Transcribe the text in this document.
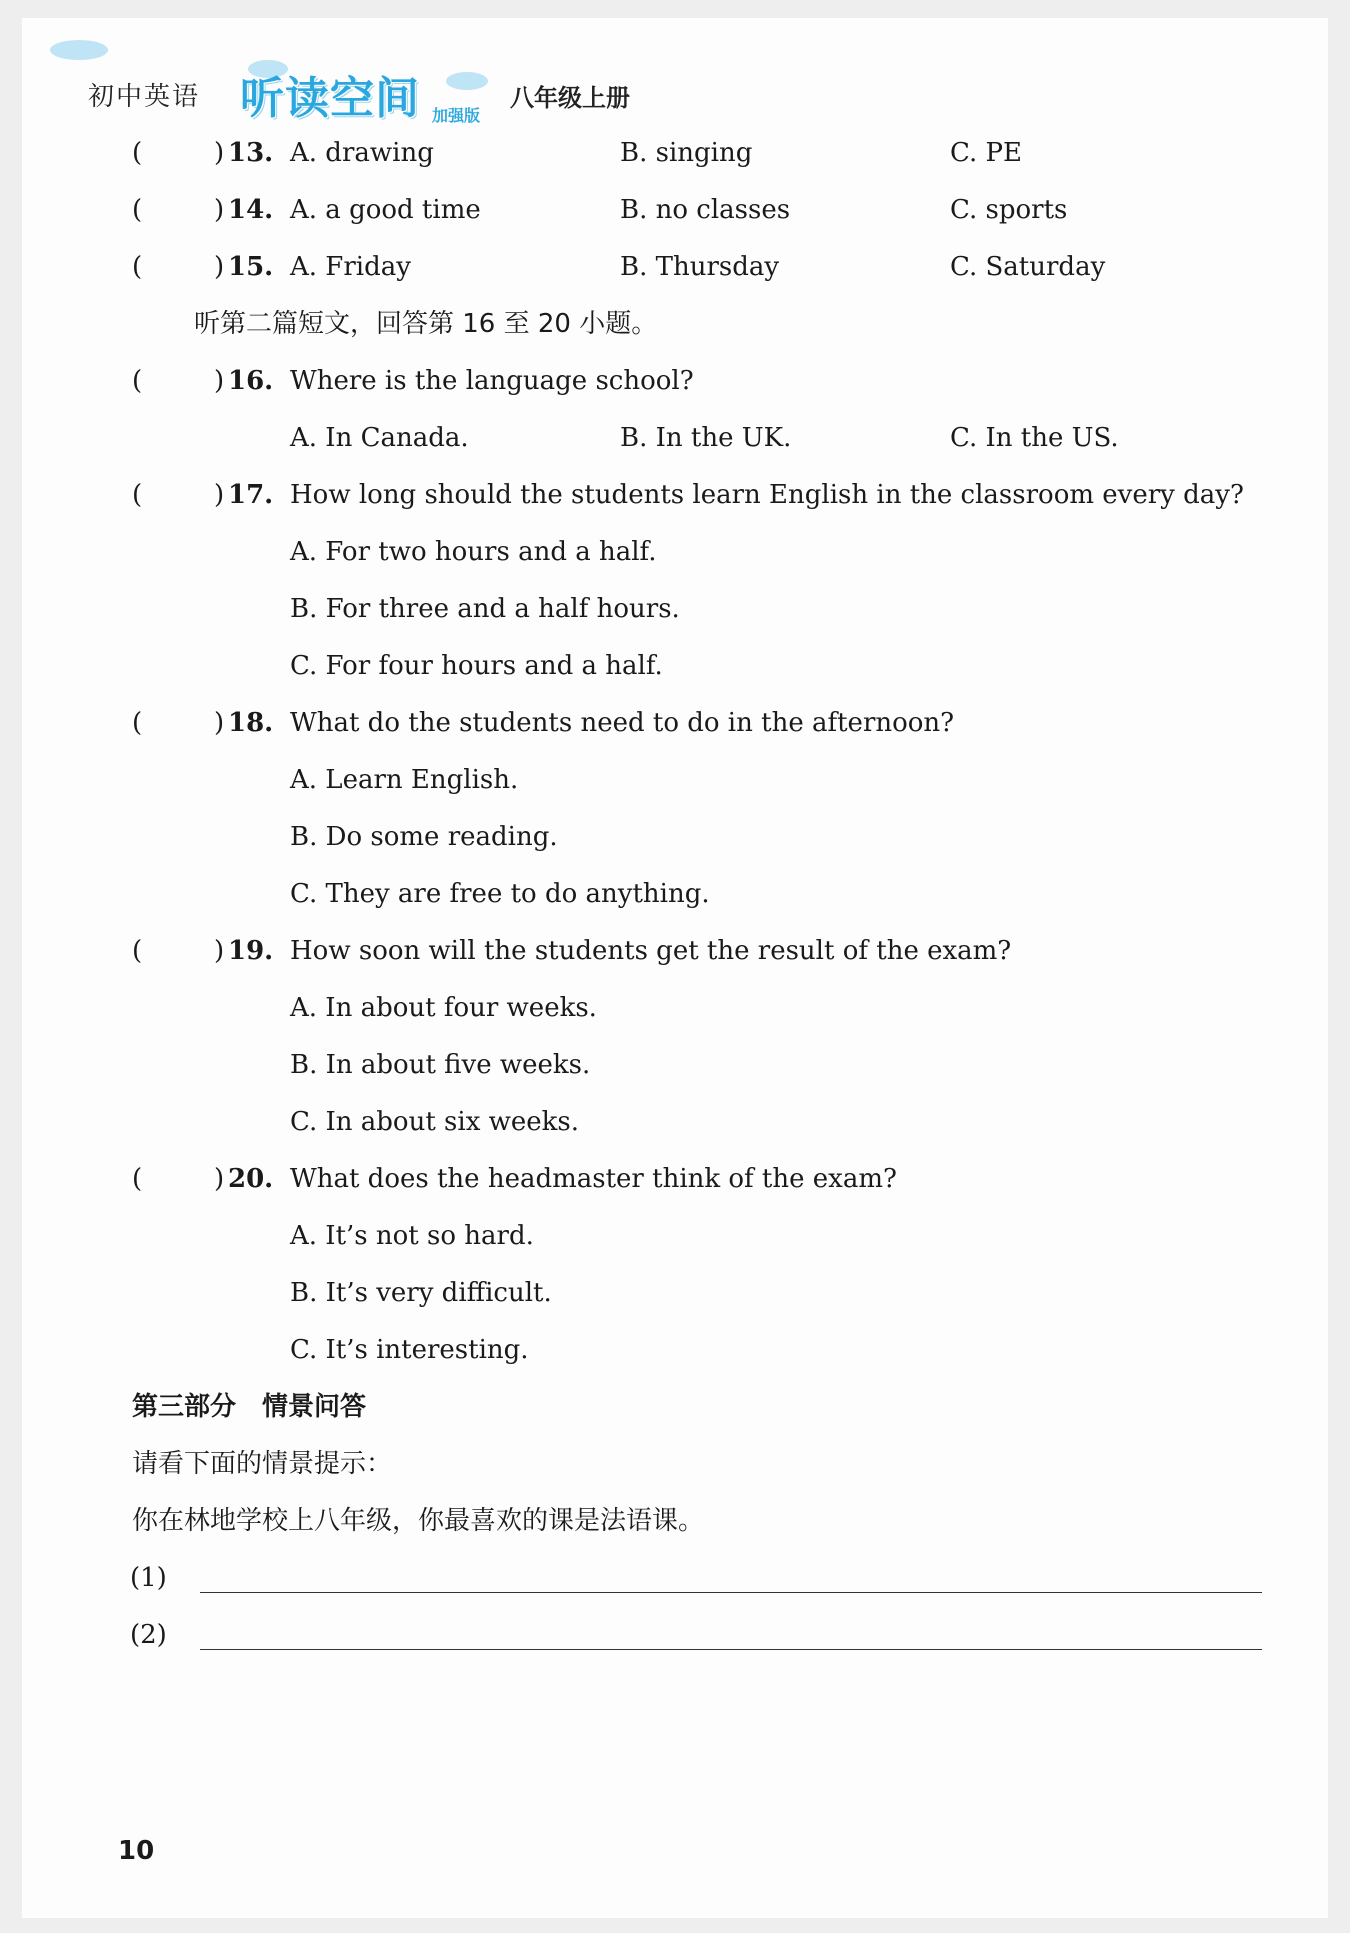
初中英语 听读空间 加强版
八年级上册
(	) 13. A. drawing	B. singing	C. PE
(	) 14. A. a good time	B. no classes	C. sports
(	) 15. A. Friday	B. Thursday	C. Saturday
听第二篇短文，回答第 16 至 20 小题。
(	) 16. Where is the language school?
A. In Canada.	B. In the UK.	C. In the US.
(	) 17. How long should the students learn English in the classroom every day?
A. For two hours and a half.
B. For three and a half hours.
C. For four hours and a half.
(	) 18. What do the students need to do in the afternoon?
A. Learn English.
B. Do some reading.
C. They are free to do anything.
(	) 19. How soon will the students get the result of the exam?
A. In about four weeks.
B. In about five weeks.
C. In about six weeks.
(	) 20. What does the headmaster think of the exam?
A. It’s not so hard.
B. It’s very difficult.
C. It’s interesting.
第三部分 情景问答
请看下面的情景提示：
你在林地学校上八年级，你最喜欢的课是法语课。
(1)
(2)
10
